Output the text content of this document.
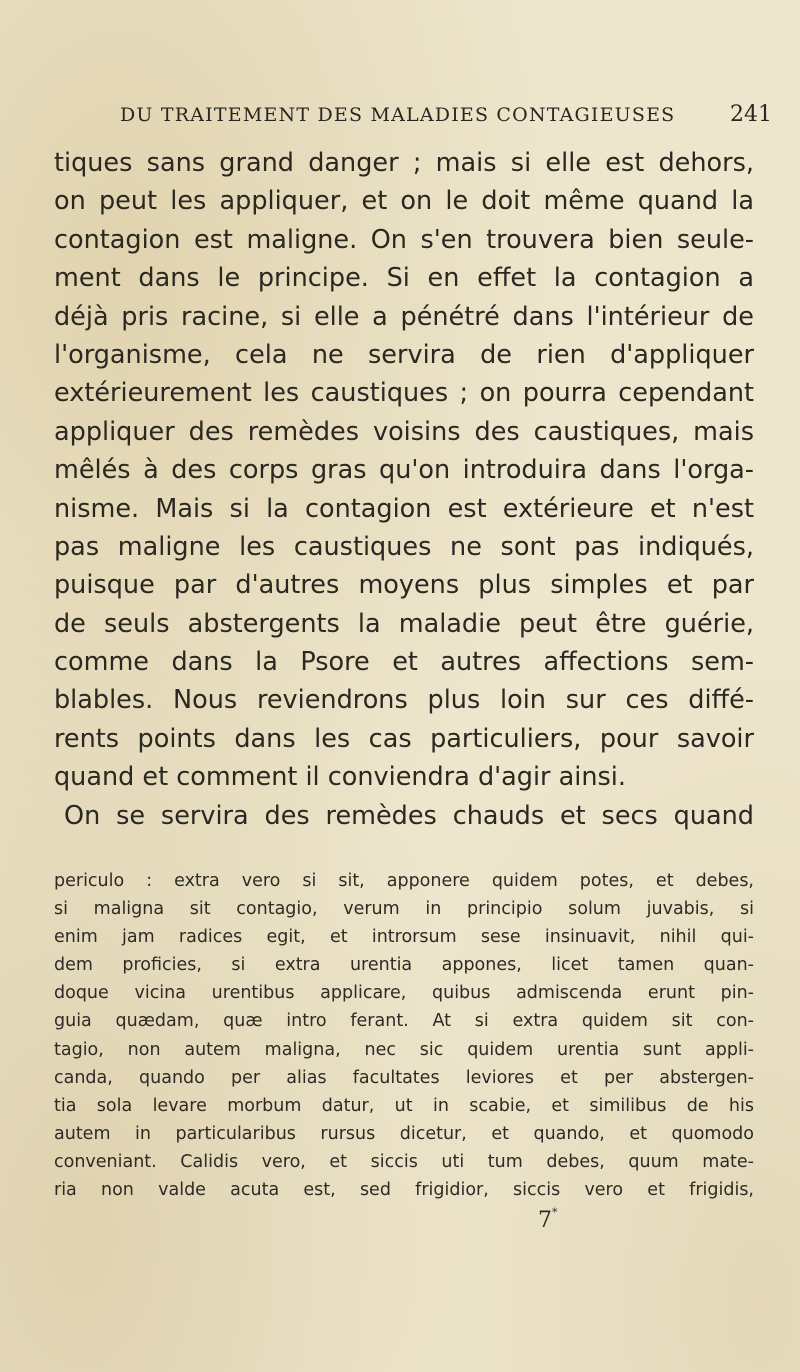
DU TRAITEMENT DES MALADIES CONTAGIEUSES 241
tiques sans grand danger ; mais si elle est dehors,
on peut les appliquer, et on le doit même quand la
contagion est maligne. On s'en trouvera bien seule-
ment dans le principe. Si en effet la contagion a
déjà pris racine, si elle a pénétré dans l'intérieur de
l'organisme, cela ne servira de rien d'appliquer
extérieurement les caustiques ; on pourra cependant
appliquer des remèdes voisins des caustiques, mais
mêlés à des corps gras qu'on introduira dans l'orga-
nisme. Mais si la contagion est extérieure et n'est
pas maligne les caustiques ne sont pas indiqués,
puisque par d'autres moyens plus simples et par
de seuls abstergents la maladie peut être guérie,
comme dans la Psore et autres affections sem-
blables. Nous reviendrons plus loin sur ces diffé-
rents points dans les cas particuliers, pour savoir
quand et comment il conviendra d'agir ainsi.
On se servira des remèdes chauds et secs quand
periculo : extra vero si sit, apponere quidem potes, et debes,
si maligna sit contagio, verum in principio solum juvabis, si
enim jam radices egit, et introrsum sese insinuavit, nihil qui-
dem proficies, si extra urentia appones, licet tamen quan-
doque vicina urentibus applicare, quibus admiscenda erunt pin-
guia quædam, quæ intro ferant. At si extra quidem sit con-
tagio, non autem maligna, nec sic quidem urentia sunt appli-
canda, quando per alias facultates leviores et per abstergen-
tia sola levare morbum datur, ut in scabie, et similibus de his
autem in particularibus rursus dicetur, et quando, et quomodo
conveniant. Calidis vero, et siccis uti tum debes, quum mate-
ria non valde acuta est, sed frigidior, siccis vero et frigidis,
7*
